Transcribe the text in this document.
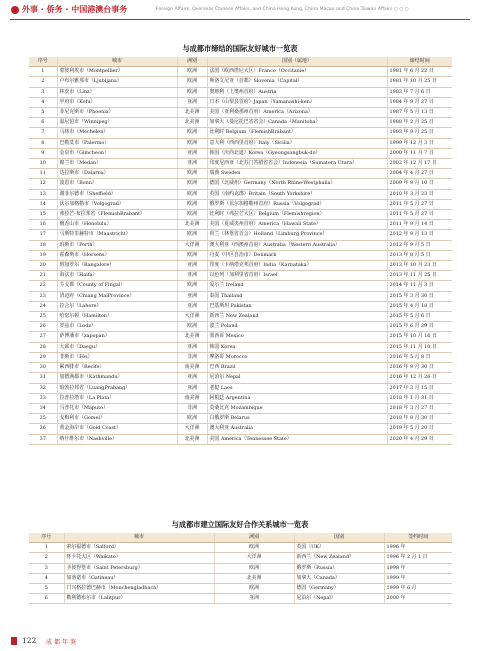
外事 · 侨务 · 中国港澳台事务	Foreign Affairs, Overseas Chinese Affairs, and China Hong Kong, China Macao and China Taiwan Affairs ○ ○ ○
与成都市缔结的国际友好城市一览表
序号	城市	洲别	国别（属地）	缔结时间
1	蒙彼利埃市（Montpellier）	欧洲	法国（欧西塔尼大区）France（Occitanie）	1981 年 6 月 22 日
2	卢布尔雅那市（Ljubljana）	欧洲	斯洛文尼亚（首都）Slovenia（Capital）	1981 年 10 月 25 日
3	林茨市（Linz）	欧洲	奥地利（上奥州首府）Austria	1983 年 7 月 6 日
4	甲府市（Kofu）	亚洲	日本（山梨县首府）Japan（Yamanashi-ken）	1984 年 9 月 27 日
5	菲尼克斯市（Phoenix）	北美洲	美国（亚利桑那州首府）America（Arizona）	1987 年 5 月 13 日
6	温尼伯市（Winnipeg）	北美洲	加拿大（曼尼托巴省省会）Canada（Manitoba）	1988 年 2 月 25 日
7	马林市（Mechelen）	欧洲	比利时 Belgium（FlemishBrabant）	1993 年 9 月 25 日
8	巴勒莫市（Palermo）	欧洲	意大利（西西里首府）Italy（Sicilia）	1999 年 12 月 3 日
9	金泉市（Gimcheon）	亚洲	韩国（庆尚北道）Korea（Gyeongsangbuk-do）	2000 年 11 月 7 日
10	棉兰市（Medan）	亚洲	印度尼西亚（北苏门答腊省省会）Indonesia（Sumatera Utara）	2002 年 12 月 17 日
11	达拉斯市（Dalarna）	欧洲	瑞典 Sweden	2004 年 4 月 27 日
12	波恩市（Bonn）	欧洲	德国（北威州）Germany（North Rhine-Westphalia）	2009 年 9 月 10 日
13	谢菲尔德市（Sheffield）	欧洲	英国（南约克郡）Britain（South Yorkshire）	2010 年 3 月 23 日
14	伏尔加格勒市（Volgograd）	欧洲	俄罗斯（伏尔加格勒州首府）Russia（Volgograd）	2011 年 5 月 27 日
15	弗拉芒-布拉邦省（FlemishBrabant）	欧洲	比利时（弗拉芒大区）Belgium（Flemishregion）	2011 年 5 月 27 日
16	檀香山市（Honolulu）	北美洲	美国（夏威夷州首府）America（Hawaii State）	2011 年 9 月 14 日
17	马斯特里赫特市（Maastricht）	欧洲	荷兰（林堡省首会）Holland（Limburg Province）	2012 年 9 月 13 日
18	珀斯市（Perth）	大洋洲	澳大利亚（西澳州首府）Australia（Western Australia）	2012 年 9 月 5 日
19	霍森斯市（Horsens）	欧洲	丹麦（中区自治市）Denmark	2013 年 8 月 5 日
20	班加罗尔（Bangalore）	亚洲	印度（卡纳塔克邦首府）India（Karnataka）	2013 年 10 月 23 日
21	海法市（Haifa）	亚洲	以色列（加利里省首府）Israel	2013 年 11 月 25 日
22	芬戈郡（County of Fingal）	欧洲	爱尔兰 Ireland	2014 年 11 月 3 日
23	清迈府（Chiang MaiProvince）	亚洲	泰国 Thailand	2015 年 3 月 30 日
24	拉合尔（Lahore）	亚洲	巴基斯坦 Pakistan	2015 年 4 月 18 日
25	哈密尔顿（Hamilton）	大洋洲	新西兰 New Zealand	2015 年 5 月 6 日
26	罗兹市（Lodz）	欧洲	波兰 Poland	2015 年 6 月 29 日
27	萨博潘市（zapopan）	北美洲	墨西哥 Mexico	2015 年 10 月 16 日
28	大邱市（Daegu）	亚洲	韩国 Korea	2015 年 11 月 10 日
29	非斯市（Fès）	非洲	摩洛哥 Morocco	2016 年 5 月 8 日
30	累西腓市（Recife）	南美洲	巴西 Brazil	2016 年 9 月 30 日
31	加德满都市（Kathmandu）	亚洲	尼泊尔 Nepal	2016 年 12 月 26 日
32	琅勃拉邦省（LuangPrabang）	亚洲	老挝 Laos	2017 年 3 月 15 日
33	拉普拉塔市（La Plata）	南美洲	阿根廷 Argentina	2018 年 1 月 31 日
34	马普托市（Maputo）	非洲	莫桑比克 Mozambique	2018 年 3 月 27 日
35	戈梅利市（Gomel）	欧洲	白俄罗斯 Belarus	2018 年 8 月 30 日
36	黄金海岸市（Gold Coast）	大洋洲	澳大利亚 Australia	2019 年 5 月 20 日
37	纳什维尔市（Nashville）	北美洲	美国 America（Tennessee State）	2020 年 4 月 29 日
与成都市建立国际友好合作关系城市一览表
序号	城市	洲别	国别	签约时间
1	索尔福德市（Salford）	欧洲	英国（UK）	1996 年
2	怀卡托大区（Waikato）	大洋洲	新西兰（New Zealand）	1996 年 2 月 1 日
3	圣彼得堡市（Saint Petersburg）	欧洲	俄罗斯（Russia）	1998 年
4	加蒂诺市（Gatineau）	北美洲	加拿大（Canada）	1999 年
5	门兴格拉德巴赫市（Monchengladbach）	欧洲	德国（Germany）	1999 年 6 月
6	勒利德布尔市（Lalitpur）	亚洲	尼泊尔（Nepal）	2000 年
122 成都年鉴
